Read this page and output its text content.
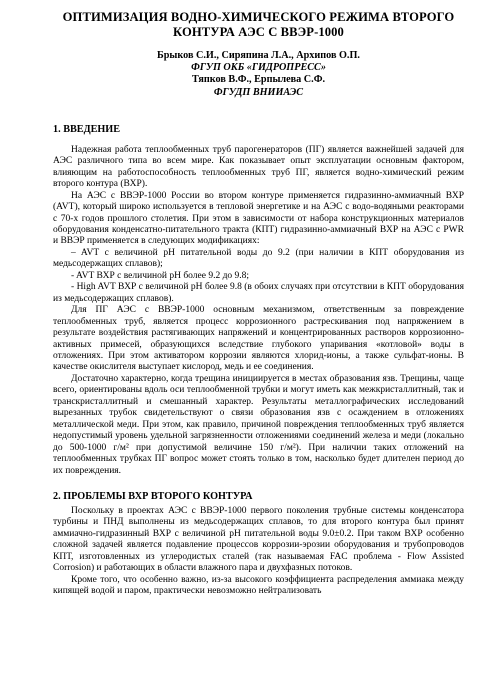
ОПТИМИЗАЦИЯ ВОДНО-ХИМИЧЕСКОГО РЕЖИМА ВТОРОГО
КОНТУРА АЭС С ВВЭР-1000
Брыков С.И., Сиряпина Л.А., Архипов О.П.
ФГУП ОКБ «ГИДРОПРЕСС»
Тяпков В.Ф., Ерпылева С.Ф.
ФГУДП ВНИИАЭС
1. ВВЕДЕНИЕ

Надежная работа теплообменных труб парогенераторов (ПГ) является важнейшей задачей для АЭС различного типа во всем мире. Как показывает опыт эксплуатации основным фактором, влияющим на работоспособность теплообменных труб ПГ, является водно-химический режим второго контура (ВХР).

На АЭС с ВВЭР-1000 России во втором контуре применяется гидразинно-аммиачный ВХР (AVT), который широко используется в тепловой энергетике и на АЭС с водо-водяными реакторами с 70-х годов прошлого столетия. При этом в зависимости от набора конструкционных материалов оборудования конденсатно-питательного тракта (КПТ) гидразинно-аммиачный ВХР на АЭС с PWR и ВВЭР применяется в следующих модификациях:

– AVT с величиной pH питательной воды до 9.2 (при наличии в КПТ оборудования из медьсодержащих сплавов);

- AVT ВХР с величиной pH более 9.2 до 9.8;

- High AVT ВХР с величиной pH более 9.8 (в обоих случаях при отсутствии в КПТ оборудования из медьсодержащих сплавов).

Для ПГ АЭС с ВВЭР-1000 основным механизмом, ответственным за повреждение теплообменных труб, является процесс коррозионного растрескивания под напряжением в результате воздействия растягивающих напряжений и концентрированных растворов коррозионно-активных примесей, образующихся вследствие глубокого упаривания «котловой» воды в отложениях. При этом активатором коррозии являются хлорид-ионы, а также сульфат-ионы. В качестве окислителя выступает кислород, медь и ее соединения.

Достаточно характерно, когда трещина инициируется в местах образования язв. Трещины, чаще всего, ориентированы вдоль оси теплообменной трубки и могут иметь как межкристаллитный, так и транскристаллитный и смешанный характер. Результаты металлографических исследований вырезанных трубок свидетельствуют о связи образования язв с осаждением в отложениях металлической меди. При этом, как правило, причиной повреждения теплообменных труб является недопустимый уровень удельной загрязненности отложениями соединений железа и меди (локально до 500-1000 г/м² при допустимой величине 150 г/м²). При наличии таких отложений на теплообменных трубках ПГ вопрос может стоять только в том, насколько будет длителен период до их повреждения.

2. ПРОБЛЕМЫ ВХР ВТОРОГО КОНТУРА

Поскольку в проектах АЭС с ВВЭР-1000 первого поколения трубные системы конденсатора турбины и ПНД выполнены из медьсодержащих сплавов, то для второго контура был принят аммиачно-гидразинный ВХР с величиной pH питательной воды 9.0±0.2. При таком ВХР особенно сложной задачей является подавление процессов коррозии-эрозии оборудования и трубопроводов КПТ, изготовленных из углеродистых сталей (так называемая FAC проблема - Flow Assisted Corrosion) и работающих в области влажного пара и двухфазных потоков.

Кроме того, что особенно важно, из-за высокого коэффициента распределения аммиака между кипящей водой и паром, практически невозможно нейтрализовать
